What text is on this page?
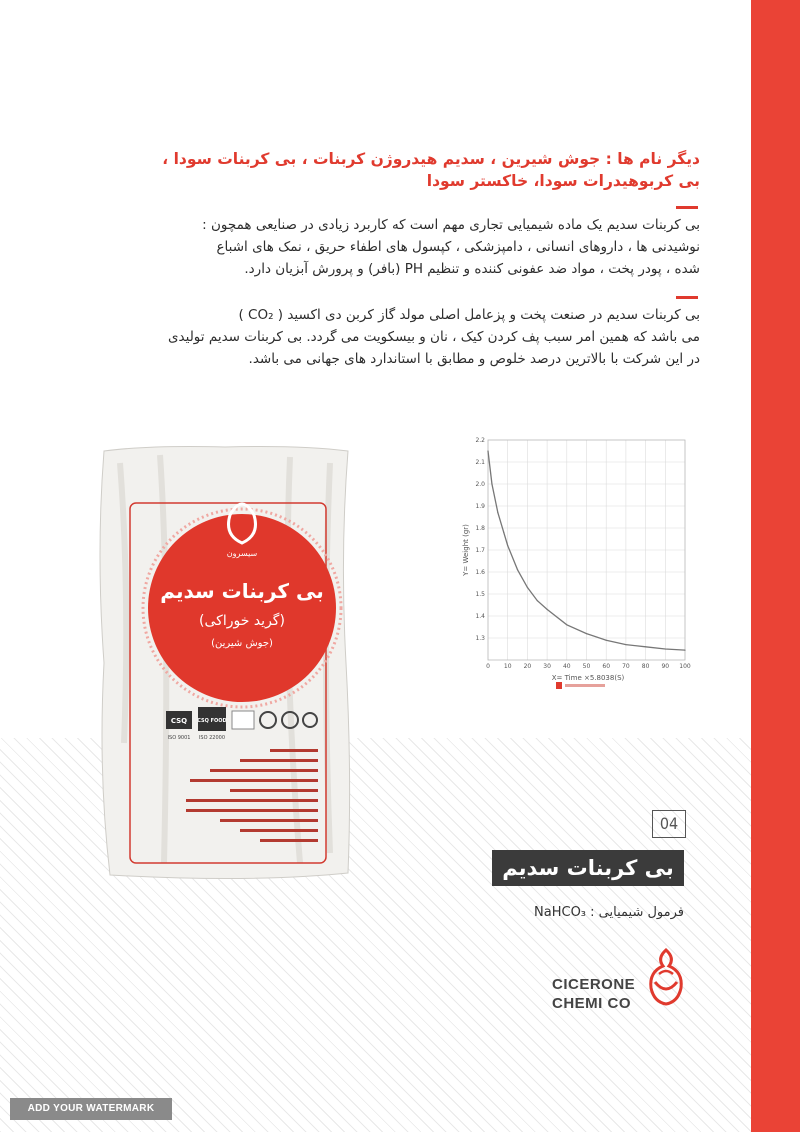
دیگر نام ها : جوش شیرین ، سدیم هیدروژن کربنات ، بی کربنات سودا ،
بی کربوهیدرات سودا، خاکستر سودا
بی کربنات سدیم یک ماده شیمیایی تجاری مهم است که کاربرد زیادی در صنایعی همچون :
نوشیدنی ها ، داروهای انسانی ، دامپزشکی ، کپسول های اطفاء حریق ، نمک های اشباع
شده ، پودر پخت ، مواد ضد عفونی کننده و تنظیم PH (بافر) و پرورش آبزیان دارد.
بی کربنات سدیم در صنعت پخت و پزعامل اصلی مولد گاز کربن دی اکسید ( CO₂ )
می باشد که همین امر سبب پف کردن کیک ، نان و بیسکویت می گردد. بی کربنات سدیم تولیدی
در این شرکت با بالاترین درصد خلوص و مطابق با استاندارد های جهانی می باشد.
1.3
1.4
1.5
1.6
1.7
1.8
1.9
2.0
2.1
2.2
0 10 20 30 40 50 60 70 80 90 100
Y= Weight (gr)
X= Time ×5.8038(S)
سیسرون
بی کربنات سدیم
(گرید خوراکی)
(جوش شیرین)
CSQ CSQ FOOD
ISO 9001 ISO 22000
04
بی کربنات سدیم
فرمول شیمیایی : NaHCO₃
CICERONE
CHEMI CO
ADD YOUR WATERMARK
